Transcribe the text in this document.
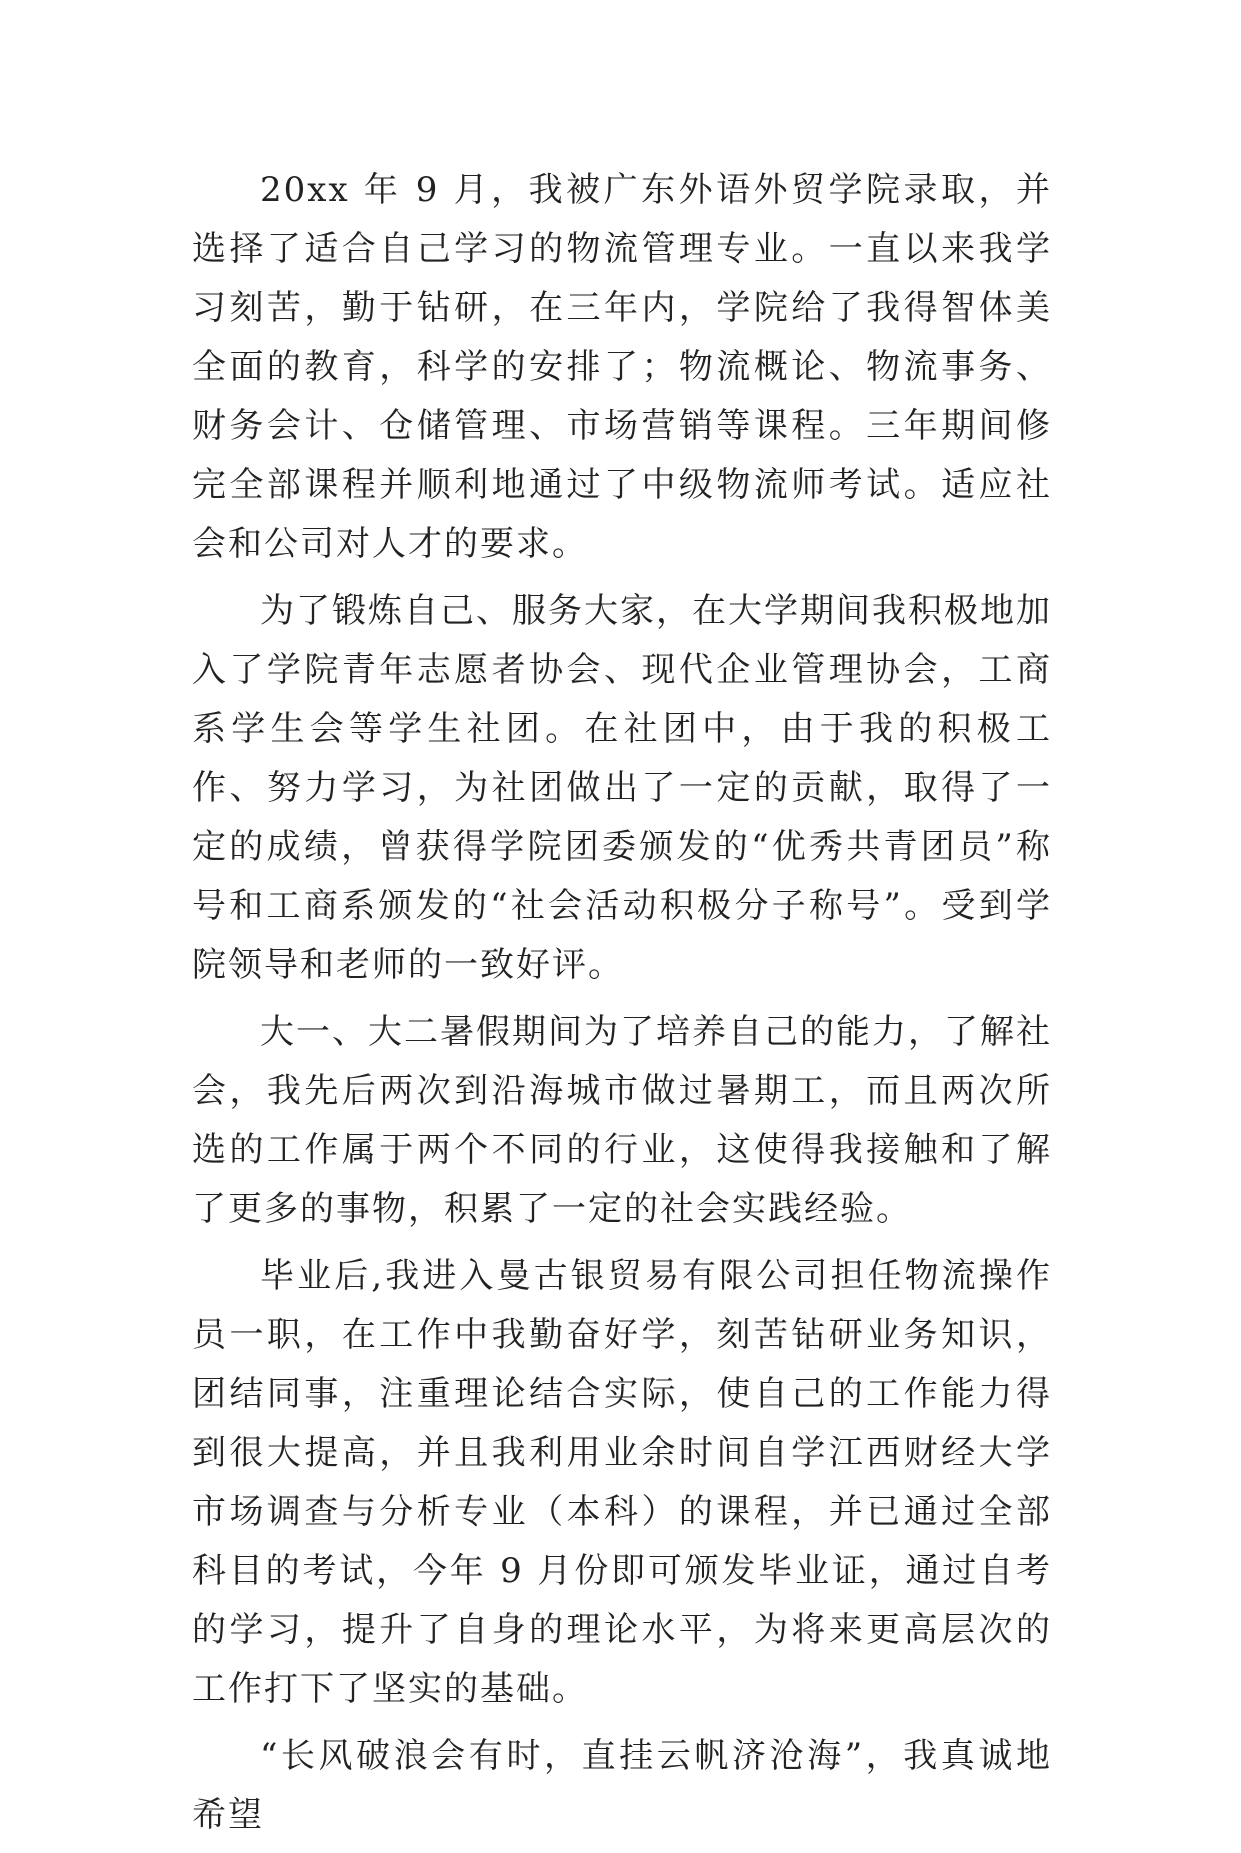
20xx 年 9 月，我被广东外语外贸学院录取，并选择了适合自己学习的物流管理专业。一直以来我学习刻苦，勤于钻研，在三年内，学院给了我得智体美全面的教育，科学的安排了；物流概论、物流事务、财务会计、仓储管理、市场营销等课程。三年期间修完全部课程并顺利地通过了中级物流师考试。适应社会和公司对人才的要求。

为了锻炼自己、服务大家，在大学期间我积极地加入了学院青年志愿者协会、现代企业管理协会，工商系学生会等学生社团。在社团中，由于我的积极工作、努力学习，为社团做出了一定的贡献，取得了一定的成绩，曾获得学院团委颁发的“优秀共青团员”称号和工商系颁发的“社会活动积极分子称号”。受到学院领导和老师的一致好评。

大一、大二暑假期间为了培养自己的能力，了解社会，我先后两次到沿海城市做过暑期工，而且两次所选的工作属于两个不同的行业，这使得我接触和了解了更多的事物，积累了一定的社会实践经验。

毕业后,我进入曼古银贸易有限公司担任物流操作员一职，在工作中我勤奋好学，刻苦钻研业务知识，团结同事，注重理论结合实际，使自己的工作能力得到很大提高，并且我利用业余时间自学江西财经大学市场调查与分析专业（本科）的课程，并已通过全部科目的考试，今年 9 月份即可颁发毕业证，通过自考的学习，提升了自身的理论水平，为将来更高层次的工作打下了坚实的基础。

“长风破浪会有时，直挂云帆济沧海”，我真诚地希望
